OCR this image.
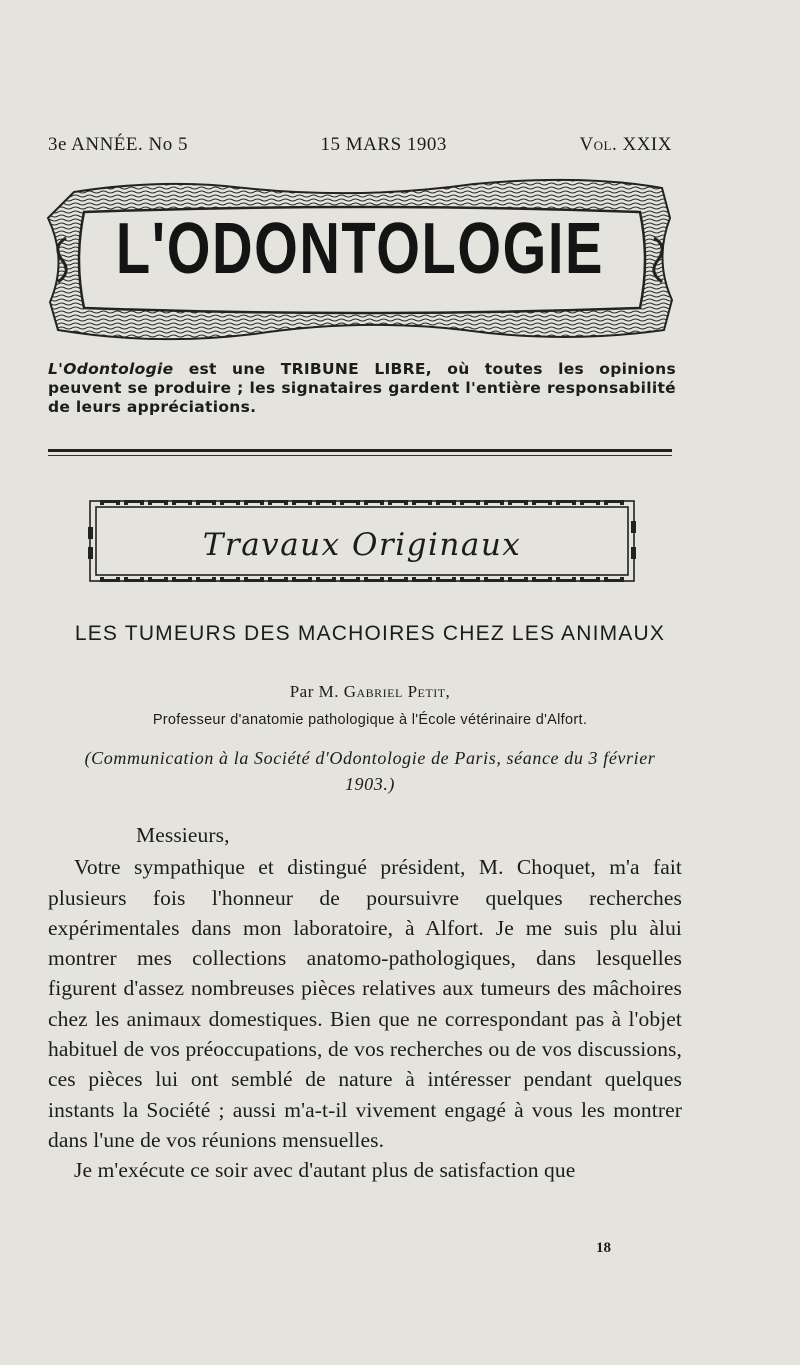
3e ANNÉE. No 5	15 MARS 1903	Vol. XXIX
L'ODONTOLOGIE
L'Odontologie est une TRIBUNE LIBRE, où toutes les opinions peuvent se produire ; les signataires gardent l'entière responsabilité de leurs appréciations.
Travaux Originaux
LES TUMEURS DES MACHOIRES CHEZ LES ANIMAUX
Par M. Gabriel Petit,
Professeur d'anatomie pathologique à l'École vétérinaire d'Alfort.
(Communication à la Société d'Odontologie de Paris, séance du 3 février 1903.)

Messieurs,

Votre sympathique et distingué président, M. Choquet, m'a fait plusieurs fois l'honneur de poursuivre quelques recherches expérimentales dans mon laboratoire, à Alfort. Je me suis plu àlui montrer mes collections anatomo-pathologiques, dans lesquelles figurent d'assez nombreuses pièces relatives aux tumeurs des mâchoires chez les animaux domestiques. Bien que ne correspondant pas à l'objet habituel de vos préoccupations, de vos recherches ou de vos discussions, ces pièces lui ont semblé de nature à intéresser pendant quelques instants la Société ; aussi m'a-t-il vivement engagé à vous les montrer dans l'une de vos réunions mensuelles.

Je m'exécute ce soir avec d'autant plus de satisfaction que

18
